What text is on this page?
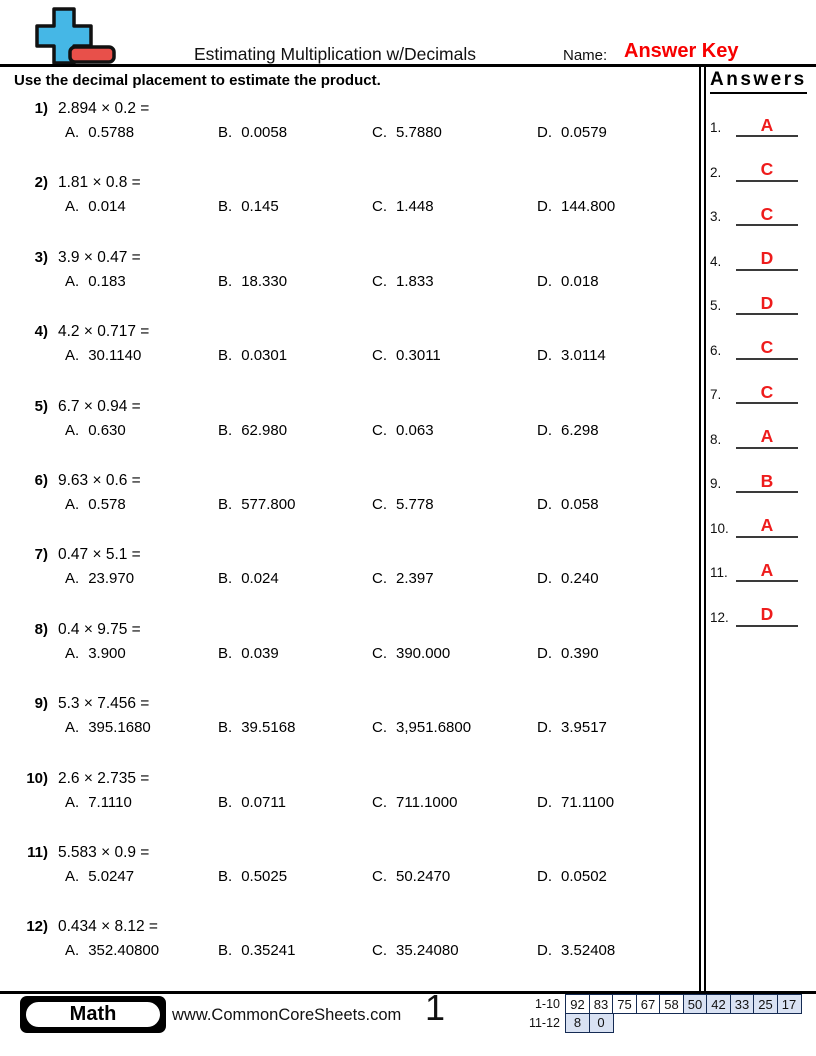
Estimating Multiplication w/Decimals	Name: Answer Key
Use the decimal placement to estimate the product.
1) 2.894 × 0.2 =
A. 0.5788	B. 0.0058	C. 5.7880	D. 0.0579
2) 1.81 × 0.8 =
A. 0.014	B. 0.145	C. 1.448	D. 144.800
3) 3.9 × 0.47 =
A. 0.183	B. 18.330	C. 1.833	D. 0.018
4) 4.2 × 0.717 =
A. 30.1140	B. 0.0301	C. 0.3011	D. 3.0114
5) 6.7 × 0.94 =
A. 0.630	B. 62.980	C. 0.063	D. 6.298
6) 9.63 × 0.6 =
A. 0.578	B. 577.800	C. 5.778	D. 0.058
7) 0.47 × 5.1 =
A. 23.970	B. 0.024	C. 2.397	D. 0.240
8) 0.4 × 9.75 =
A. 3.900	B. 0.039	C. 390.000	D. 0.390
9) 5.3 × 7.456 =
A. 395.1680	B. 39.5168	C. 3,951.6800	D. 3.9517
10) 2.6 × 2.735 =
A. 7.1110	B. 0.0711	C. 711.1000	D. 71.1100
11) 5.583 × 0.9 =
A. 5.0247	B. 0.5025	C. 50.2470	D. 0.0502
12) 0.434 × 8.12 =
A. 352.40800	B. 0.35241	C. 35.24080	D. 3.52408
Answers
1.	A
2.	C
3.	C
4.	D
5.	D
6.	C
7.	C
8.	A
9.	B
10.	A
11.	A
12.	D
Math	www.CommonCoreSheets.com 1	1-10 92 83 75 67 58 50 42 33 25 17
11-12	8	0
